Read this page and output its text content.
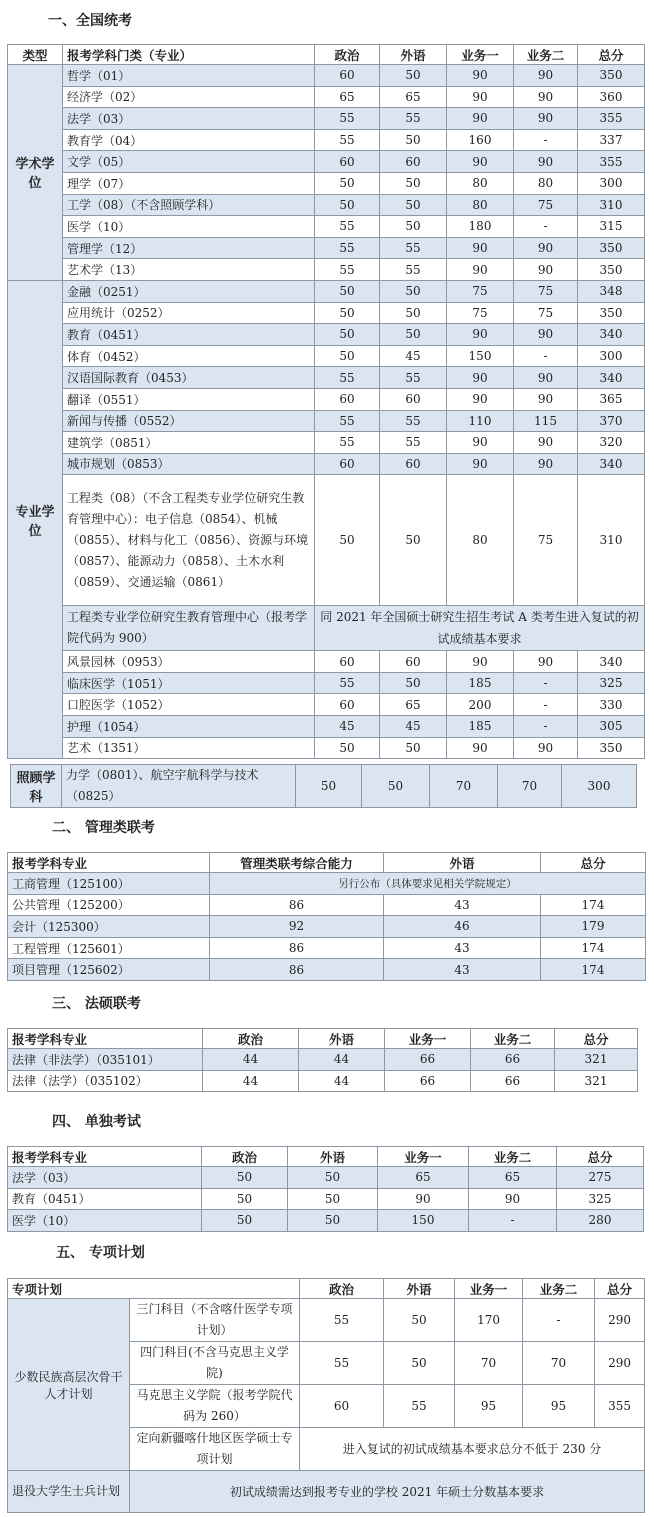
一、全国统考
类型	报考学科门类（专业）	政治	外语	业务一	业务二	总分
学术学位	哲学（01）	60	50	90	90	350
	经济学（02）	65	65	90	90	360
	法学（03）	55	55	90	90	355
	教育学（04）	55	50	160	-	337
	文学（05）	60	60	90	90	355
	理学（07）	50	50	80	80	300
	工学（08）（不含照顾学科）	50	50	80	75	310
	医学（10）	55	50	180	-	315
	管理学（12）	55	55	90	90	350
	艺术学（13）	55	55	90	90	350
专业学位	金融（0251）	50	50	75	75	348
	应用统计（0252）	50	50	75	75	350
	教育（0451）	50	50	90	90	340
	体育（0452）	50	45	150	-	300
	汉语国际教育（0453）	55	55	90	90	340
	翻译（0551）	60	60	90	90	365
	新闻与传播（0552）	55	55	110	115	370
	建筑学（0851）	55	55	90	90	320
	城市规划（0853）	60	60	90	90	340
	工程类（08）（不含工程类专业学位研究生教育管理中心）：电子信息（0854）、机械（0855）、材料与化工（0856）、资源与环境（0857）、能源动力（0858）、土木水利（0859）、交通运输（0861）	50	50	80	75	310
	工程类专业学位研究生教育管理中心（报考学院代码为 900）	同 2021 年全国硕士研究生招生考试 A 类考生进入复试的初试成绩基本要求				
	风景园林（0953）	60	60	90	90	340
	临床医学（1051）	55	50	185	-	325
	口腔医学（1052）	60	65	200	-	330
	护理（1054）	45	45	185	-	305
	艺术（1351）	50	50	90	90	350
照顾学科	力学（0801）、航空宇航科学与技术（0825）	50	50	70	70	300
二、 管理类联考
报考学科专业	管理类联考综合能力	外语	总分
工商管理（125100）	另行公布（具体要求见相关学院规定）		
公共管理（125200）	86	43	174
会计（125300）	92	46	179
工程管理（125601）	86	43	174
项目管理（125602）	86	43	174
三、 法硕联考
报考学科专业	政治	外语	业务一	业务二	总分
法律（非法学）（035101）	44	44	66	66	321
法律（法学）（035102）	44	44	66	66	321
四、 单独考试
报考学科专业	政治	外语	业务一	业务二	总分
法学（03）	50	50	65	65	275
教育（0451）	50	50	90	90	325
医学（10）	50	50	150	-	280
五、 专项计划
专项计划		政治	外语	业务一	业务二	总分
少数民族高层次骨干人才计划	三门科目（不含喀什医学专项计划）	55	50	170	-	290
	四门科目(不含马克思主义学院)	55	50	70	70	290
	马克思主义学院（报考学院代码为 260）	60	55	95	95	355
	定向新疆喀什地区医学硕士专项计划	进入复试的初试成绩基本要求总分不低于 230 分				
退役大学生士兵计划	初试成绩需达到报考专业的学校 2021 年硕士分数基本要求					
